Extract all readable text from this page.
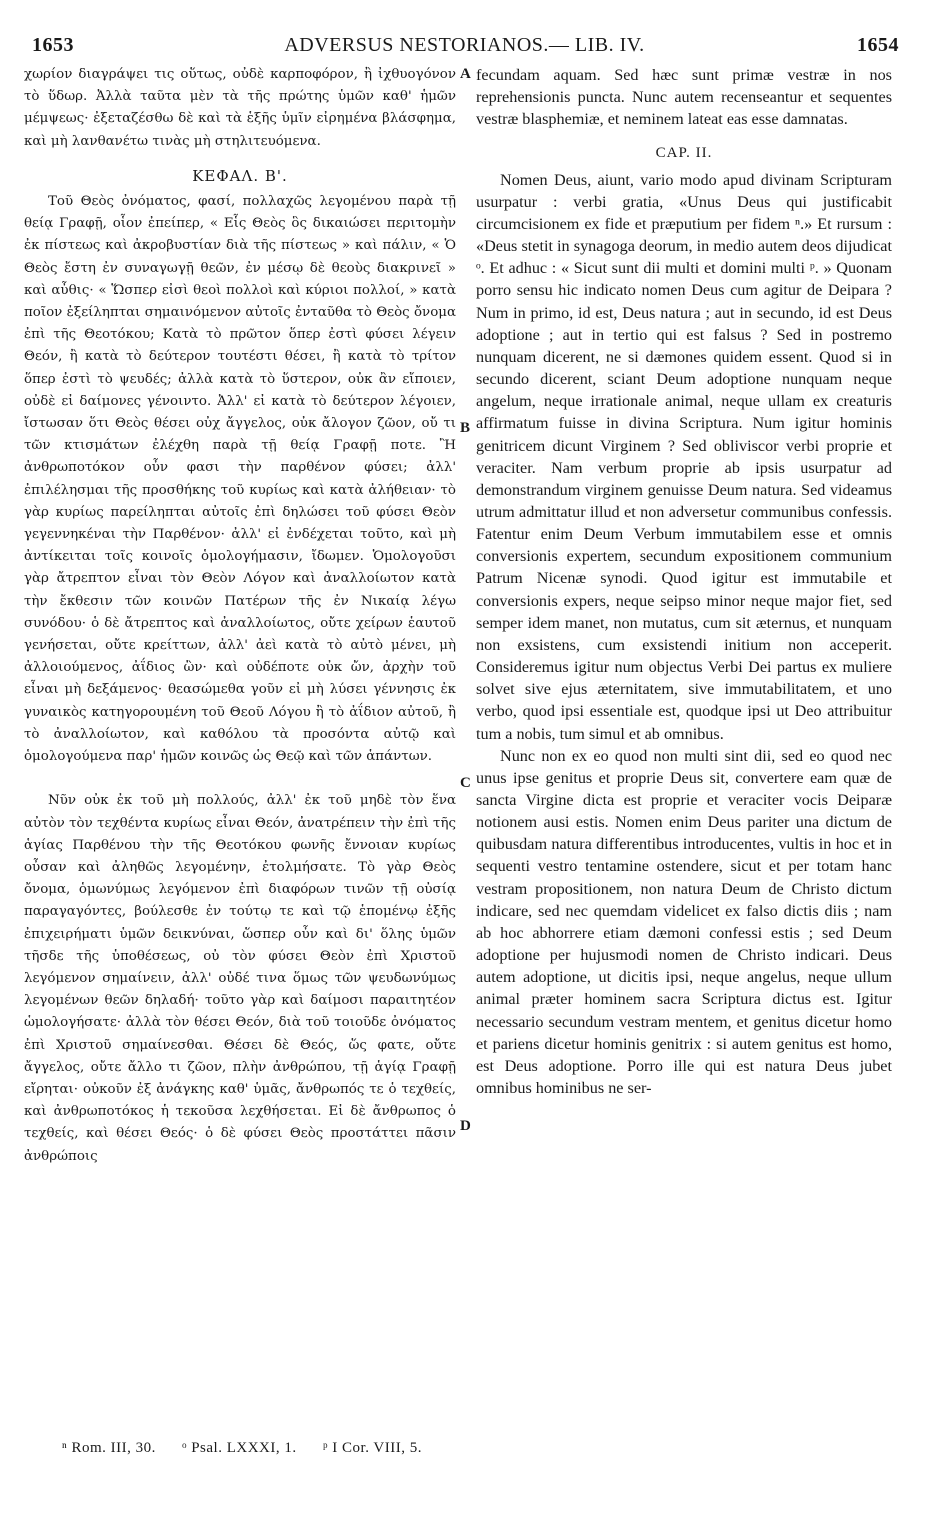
1653	ADVERSUS NESTORIANOS.— LIB. IV.	1654

χωρίον διαγράψει τις οὕτως, οὐδὲ καρποφόρον, ἢ ἰχθυογόνον τὸ ὕδωρ. Ἀλλὰ ταῦτα μὲν τὰ τῆς πρώτης ὑμῶν καθ' ἡμῶν μέμψεως· ἐξεταζέσθω δὲ καὶ τὰ ἑξῆς ὑμῖν εἰρημένα βλάσφημα, καὶ μὴ λανθανέτω τινὰς μὴ στηλιτευόμενα.

ΚΕΦΑΛ. Β'.

Τοῦ Θεὸς ὀνόματος, φασί, πολλαχῶς λεγομένου παρὰ τῇ θείᾳ Γραφῇ, οἷον ἐπείπερ, « Εἷς Θεὸς ὃς δικαιώσει περιτομὴν ἐκ πίστεως καὶ ἀκροβυστίαν διὰ τῆς πίστεως » καὶ πάλιν, « Ὁ Θεὸς ἔστη ἐν συναγωγῇ θεῶν, ἐν μέσῳ δὲ θεοὺς διακρινεῖ » καὶ αὖθις· « Ὥσπερ εἰσὶ θεοὶ πολλοὶ καὶ κύριοι πολλοί, » κατὰ ποῖον ἐξείληπται σημαινόμενον αὐτοῖς ἐνταῦθα τὸ Θεὸς ὄνομα ἐπὶ τῆς Θεοτόκου; Κατὰ τὸ πρῶτον ὅπερ ἐστὶ φύσει λέγειν Θεόν, ἢ κατὰ τὸ δεύτερον τουτέστι θέσει, ἢ κατὰ τὸ τρίτον ὅπερ ἐστὶ τὸ ψευδές; ἀλλὰ κατὰ τὸ ὕστερον, οὐκ ἂν εἴποιεν, οὐδὲ εἰ δαίμονες γένοιντο. Ἀλλ' εἰ κατὰ τὸ δεύτερον λέγοιεν, ἴστωσαν ὅτι Θεὸς θέσει οὐχ ἄγγελος, οὐκ ἄλογον ζῶον, οὔ τι τῶν κτισμάτων ἐλέχθη παρὰ τῇ θείᾳ Γραφῇ ποτε. Ἢ ἀνθρωποτόκον οὖν φασι τὴν παρθένον φύσει; ἀλλ' ἐπιλέλησμαι τῆς προσθήκης τοῦ κυρίως καὶ κατὰ ἀλήθειαν· τὸ γὰρ κυρίως παρείληπται αὐτοῖς ἐπὶ δηλώσει τοῦ φύσει Θεὸν γεγεννηκέναι τὴν Παρθένον· ἀλλ' εἰ ἐνδέχεται τοῦτο, καὶ μὴ ἀντίκειται τοῖς κοινοῖς ὁμολογήμασιν, ἴδωμεν. Ὁμολογοῦσι γὰρ ἄτρεπτον εἶναι τὸν Θεὸν Λόγον καὶ ἀναλλοίωτον κατὰ τὴν ἔκθεσιν τῶν κοινῶν Πατέρων τῆς ἐν Νικαίᾳ λέγω συνόδου· ὁ δὲ ἄτρεπτος καὶ ἀναλλοίωτος, οὔτε χείρων ἑαυτοῦ γενήσεται, οὔτε κρείττων, ἀλλ' ἀεὶ κατὰ τὸ αὐτὸ μένει, μὴ ἀλλοιούμενος, ἀΐδιος ὢν· καὶ οὐδέποτε οὐκ ὤν, ἀρχὴν τοῦ εἶναι μὴ δεξάμενος· θεασώμεθα γοῦν εἰ μὴ λύσει γέννησις ἐκ γυναικὸς κατηγορουμένη τοῦ Θεοῦ Λόγου ἢ τὸ ἀΐδιον αὐτοῦ, ἢ τὸ ἀναλλοίωτον, καὶ καθόλου τὰ προσόντα αὐτῷ καὶ ὁμολογούμενα παρ' ἡμῶν κοινῶς ὡς Θεῷ καὶ τῶν ἁπάντων.

Νῦν οὐκ ἐκ τοῦ μὴ πολλούς, ἀλλ' ἐκ τοῦ μηδὲ τὸν ἕνα αὐτὸν τὸν τεχθέντα κυρίως εἶναι Θεόν, ἀνατρέπειν τὴν ἐπὶ τῆς ἁγίας Παρθένου τὴν τῆς Θεοτόκου φωνῆς ἔννοιαν κυρίως οὖσαν καὶ ἀληθῶς λεγομένην, ἐτολμήσατε. Τὸ γὰρ Θεὸς ὄνομα, ὁμωνύμως λεγόμενον ἐπὶ διαφόρων τινῶν τῇ οὐσίᾳ παραγαγόντες, βούλεσθε ἐν τούτῳ τε καὶ τῷ ἑπομένῳ ἐξῆς ἐπιχειρήματι ὑμῶν δεικνύναι, ὥσπερ οὖν καὶ δι' ὅλης ὑμῶν τῆσδε τῆς ὑποθέσεως, οὐ τὸν φύσει Θεὸν ἐπὶ Χριστοῦ λεγόμενον σημαίνειν, ἀλλ' οὐδέ τινα ὅμως τῶν ψευδωνύμως λεγομένων θεῶν δηλαδή· τοῦτο γὰρ καὶ δαίμοσι παραιτητέον ὡμολογήσατε· ἀλλὰ τὸν θέσει Θεόν, διὰ τοῦ τοιοῦδε ὀνόματος ἐπὶ Χριστοῦ σημαίνεσθαι. Θέσει δὲ Θεός, ὥς φατε, οὔτε ἄγγελος, οὔτε ἄλλο τι ζῶον, πλὴν ἀνθρώπου, τῇ ἁγίᾳ Γραφῇ εἴρηται· οὐκοῦν ἐξ ἀνάγκης καθ' ὑμᾶς, ἄνθρωπός τε ὁ τεχθείς, καὶ ἀνθρωποτόκος ἡ τεκοῦσα λεχθήσεται. Εἰ δὲ ἄνθρωπος ὁ τεχθείς, καὶ θέσει Θεός· ὁ δὲ φύσει Θεὸς προστάττει πᾶσιν ἀνθρώποις

fecundam aquam. Sed hæc sunt primæ vestræ in nos reprehensionis puncta. Nunc autem recenseantur et sequentes vestræ blasphemiæ, et neminem lateat eas esse damnatas.

CAP. II.

Nomen Deus, aiunt, vario modo apud divinam Scripturam usurpatur : verbi gratia, «Unus Deus qui justificabit circumcisionem ex fide et præputium per fidem ⁿ.» Et rursum : «Deus stetit in synagoga deorum, in medio autem deos dijudicat ᵒ. Et adhuc : « Sicut sunt dii multi et domini multi ᵖ. » Quonam porro sensu hic indicato nomen Deus cum agitur de Deipara ? Num in primo, id est, Deus natura ; aut in secundo, id est Deus adoptione ; aut in tertio qui est falsus ? Sed in postremo nunquam dicerent, ne si dæmones quidem essent. Quod si in secundo dicerent, sciant Deum adoptione nunquam neque angelum, neque irrationale animal, neque ullam ex creaturis affirmatum fuisse in divina Scriptura. Num igitur hominis genitricem dicunt Virginem ? Sed obliviscor verbi proprie et veraciter. Nam verbum proprie ab ipsis usurpatur ad demonstrandum virginem genuisse Deum natura. Sed videamus utrum admittatur illud et non adversetur communibus confessis. Fatentur enim Deum Verbum immutabilem esse et omnis conversionis expertem, secundum expositionem communium Patrum Nicenæ synodi. Quod igitur est immutabile et conversionis expers, neque seipso minor neque major fiet, sed semper idem manet, non mutatus, cum sit æternus, et nunquam non exsistens, cum exsistendi initium non acceperit. Consideremus igitur num objectus Verbi Dei partus ex muliere solvet sive ejus æternitatem, sive immutabilitatem, et uno verbo, quod ipsi essentiale est, quodque ipsi ut Deo attribuitur tum a nobis, tum simul et ab omnibus.

Nunc non ex eo quod non multi sint dii, sed eo quod nec unus ipse genitus et proprie Deus sit, convertere eam quæ de sancta Virgine dicta est proprie et veraciter vocis Deiparæ notionem ausi estis. Nomen enim Deus pariter una dictum de quibusdam natura differentibus introducentes, vultis in hoc et in sequenti vestro tentamine ostendere, sicut et per totam hanc vestram propositionem, non natura Deum de Christo dictum indicare, sed nec quemdam videlicet ex falso dictis diis ; nam ab hoc abhorrere etiam dæmoni confessi estis ; sed Deum adoptione per hujusmodi nomen de Christo indicari. Deus autem adoptione, ut dicitis ipsi, neque angelus, neque ullum animal præter hominem sacra Scriptura dictus est. Igitur necessario secundum vestram mentem, et genitus dicetur homo et pariens dicetur hominis genitrix : si autem genitus est homo, est Deus adoptione. Porro ille qui est natura Deus jubet omnibus hominibus ne ser-

A
B
C
D
ⁿ Rom. III, 30. ᵒ Psal. LXXXI, 1. ᵖ I Cor. VIII, 5.
